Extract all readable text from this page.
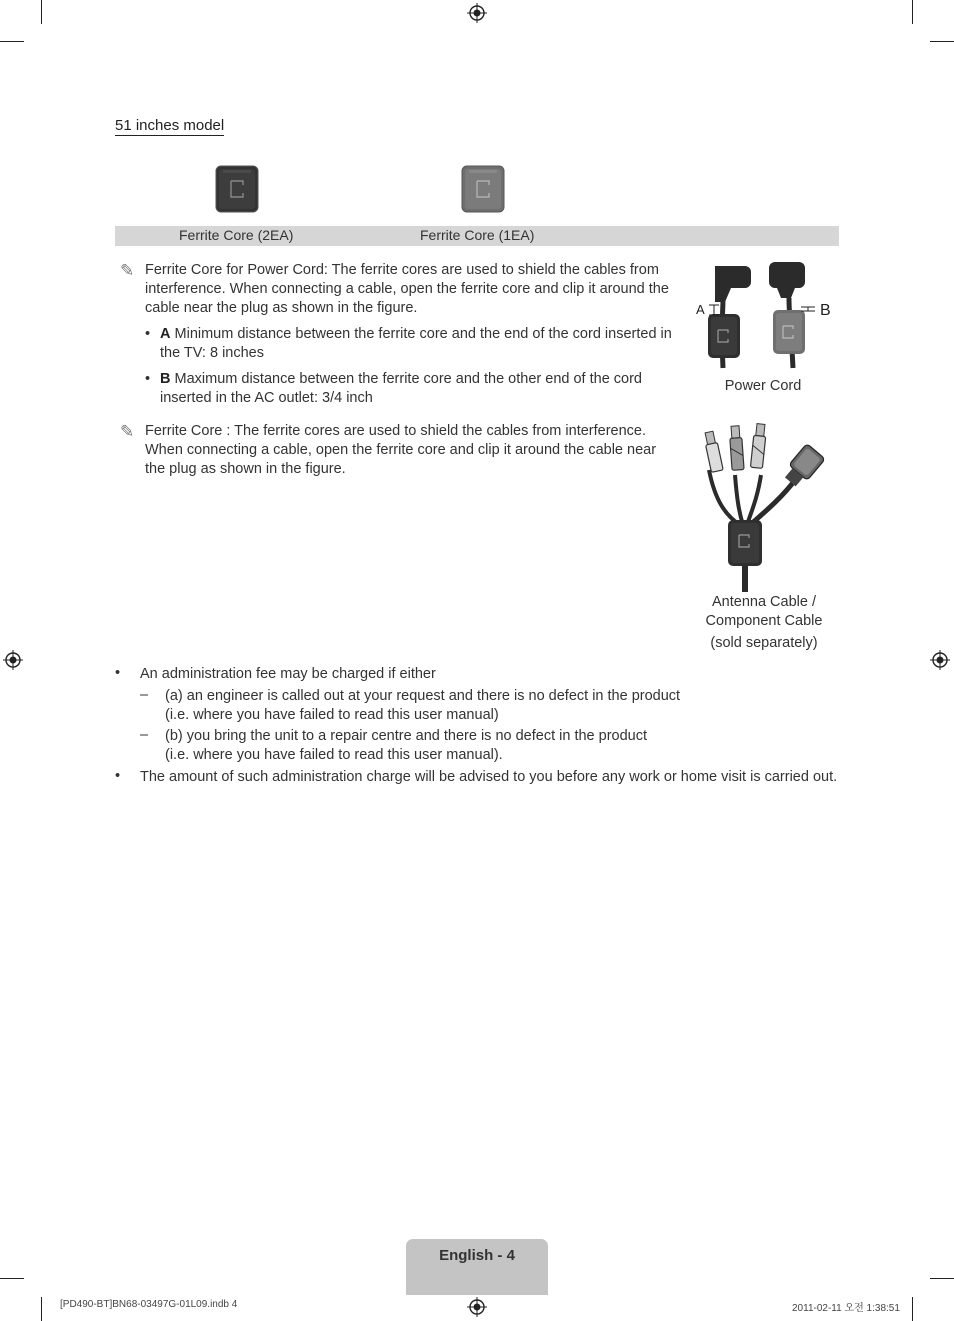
51 inches model
Ferrite Core (2EA)	Ferrite Core (1EA)
✎ Ferrite Core for Power Cord: The ferrite cores are used to shield the cables from interference. When connecting a cable, open the ferrite core and clip it around the cable near the plug as shown in the figure.
• A Minimum distance between the ferrite core and the end of the cord inserted in the TV: 8 inches
• B Maximum distance between the ferrite core and the other end of the cord inserted in the AC outlet: 3/4 inch
✎ Ferrite Core : The ferrite cores are used to shield the cables from interference. When connecting a cable, open the ferrite core and clip it around the cable near the plug as shown in the figure.
A	B
Power Cord
Antenna Cable /
Component Cable
(sold separately)
• An administration fee may be charged if either
– (a) an engineer is called out at your request and there is no defect in the product
(i.e. where you have failed to read this user manual)
– (b) you bring the unit to a repair centre and there is no defect in the product
(i.e. where you have failed to read this user manual).
• The amount of such administration charge will be advised to you before any work or home visit is carried out.
English - 4
[PD490-BT]BN68-03497G-01L09.indb 4	2011-02-11 오전 1:38:51
